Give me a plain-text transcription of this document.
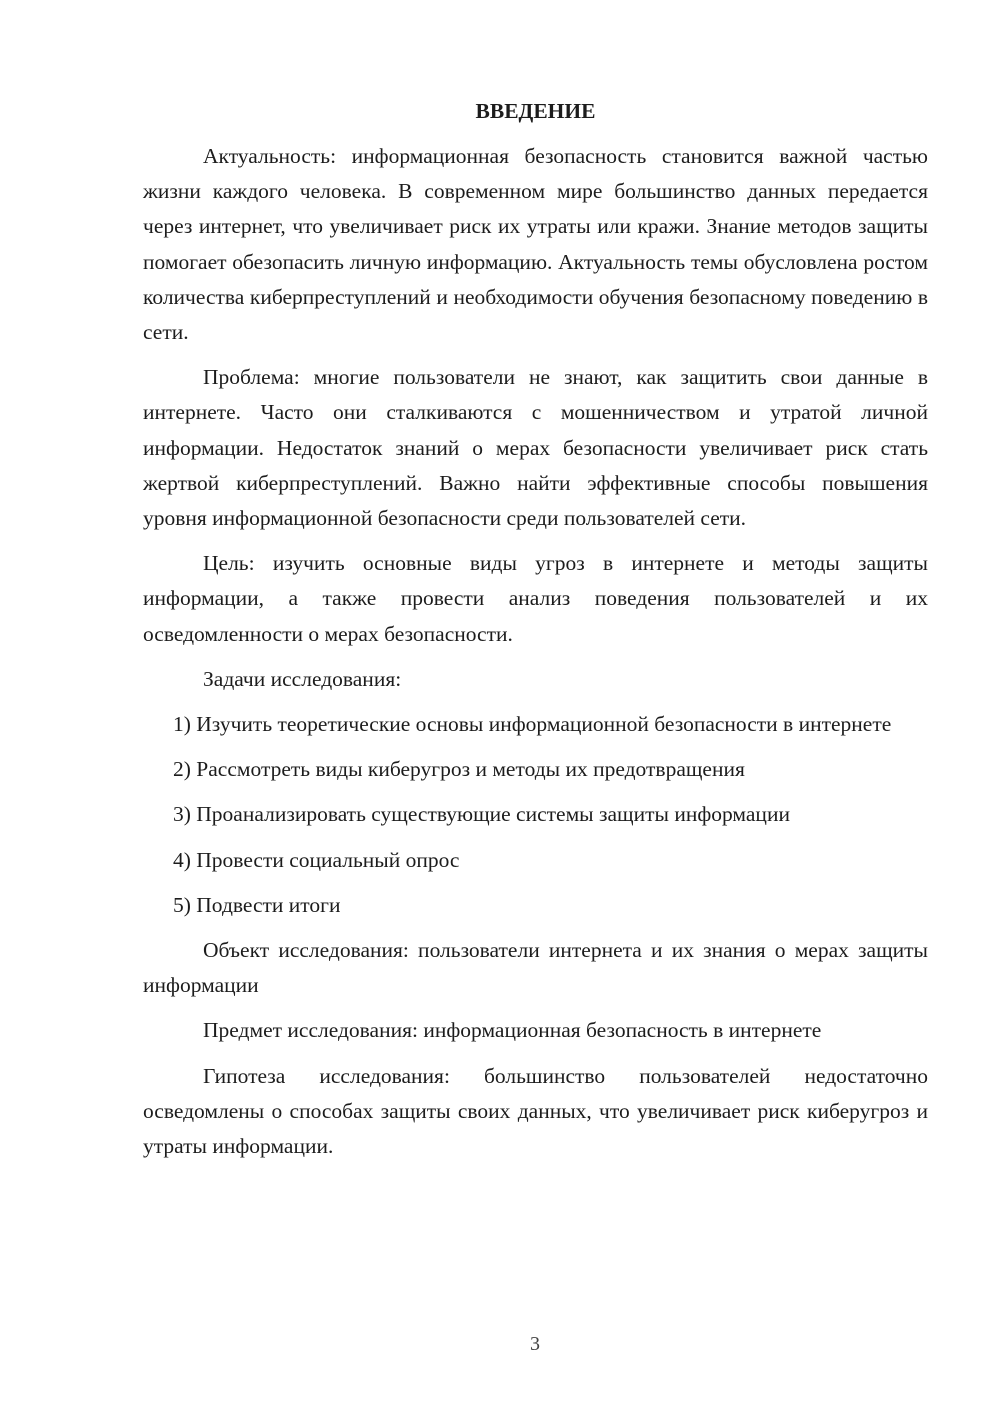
ВВЕДЕНИЕ

Актуальность: информационная безопасность становится важной частью жизни каждого человека. В современном мире большинство данных передается через интернет, что увеличивает риск их утраты или кражи. Знание методов защиты помогает обезопасить личную информацию. Актуальность темы обусловлена ростом количества киберпреступлений и необходимости обучения безопасному поведению в сети.

Проблема: многие пользователи не знают, как защитить свои данные в интернете. Часто они сталкиваются с мошенничеством и утратой личной информации. Недостаток знаний о мерах безопасности увеличивает риск стать жертвой киберпреступлений. Важно найти эффективные способы повышения уровня информационной безопасности среди пользователей сети.

Цель: изучить основные виды угроз в интернете и методы защиты информации, а также провести анализ поведения пользователей и их осведомленности о мерах безопасности.

Задачи исследования:

1) Изучить теоретические основы информационной безопасности в интернете

2) Рассмотреть виды киберугроз и методы их предотвращения

3) Проанализировать существующие системы защиты информации

4) Провести социальный опрос

5) Подвести итоги

Объект исследования: пользователи интернета и их знания о мерах защиты информации

Предмет исследования: информационная безопасность в интернете

Гипотеза исследования: большинство пользователей недостаточно осведомлены о способах защиты своих данных, что увеличивает риск киберугроз и утраты информации.

3
